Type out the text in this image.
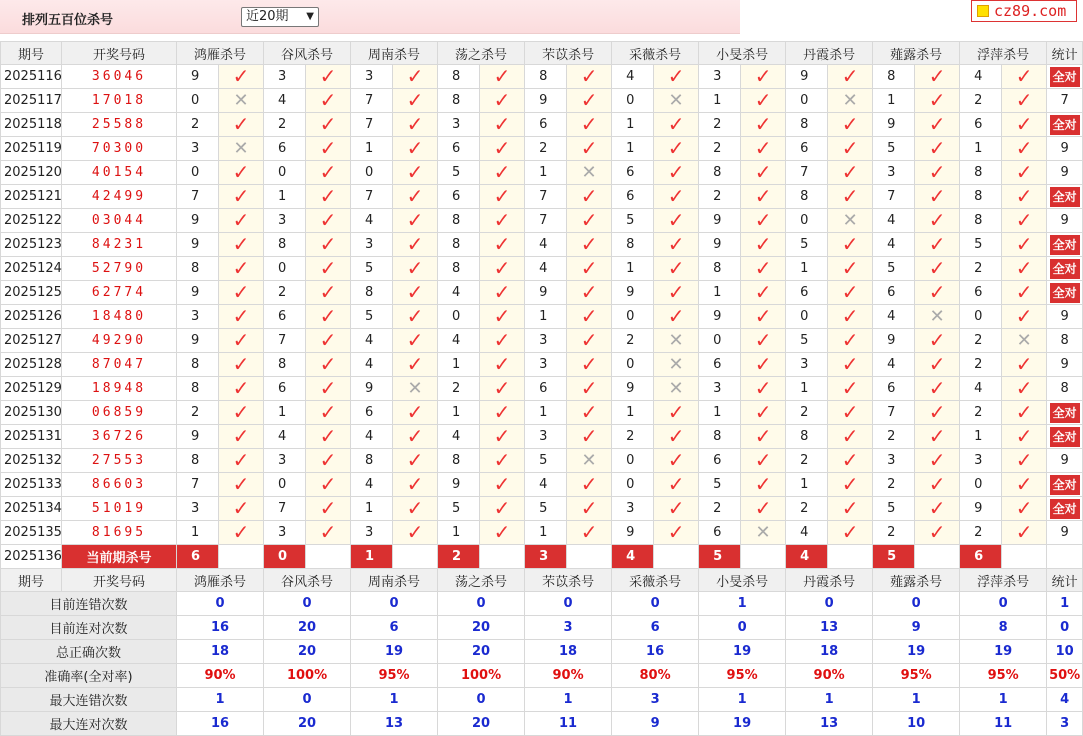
排列五百位杀号	近20期 ▼	cz89.com
期号	开奖号码	鸿雁杀号		谷风杀号		周南杀号		荡之杀号		芣苡杀号		采薇杀号		小旻杀号		丹霞杀号		薤露杀号		浮萍杀号		统计
2025116	36046	9	✓	3	✓	3	✓	8	✓	8	✓	4	✓	3	✓	9	✓	8	✓	4	✓	全对
2025117	17018	0	✕	4	✓	7	✓	8	✓	9	✓	0	✕	1	✓	0	✕	1	✓	2	✓	7
2025118	25588	2	✓	2	✓	7	✓	3	✓	6	✓	1	✓	2	✓	8	✓	9	✓	6	✓	全对
2025119	70300	3	✕	6	✓	1	✓	6	✓	2	✓	1	✓	2	✓	6	✓	5	✓	1	✓	9
2025120	40154	0	✓	0	✓	0	✓	5	✓	1	✕	6	✓	8	✓	7	✓	3	✓	8	✓	9
2025121	42499	7	✓	1	✓	7	✓	6	✓	7	✓	6	✓	2	✓	8	✓	7	✓	8	✓	全对
2025122	03044	9	✓	3	✓	4	✓	8	✓	7	✓	5	✓	9	✓	0	✕	4	✓	8	✓	9
2025123	84231	9	✓	8	✓	3	✓	8	✓	4	✓	8	✓	9	✓	5	✓	4	✓	5	✓	全对
2025124	52790	8	✓	0	✓	5	✓	8	✓	4	✓	1	✓	8	✓	1	✓	5	✓	2	✓	全对
2025125	62774	9	✓	2	✓	8	✓	4	✓	9	✓	9	✓	1	✓	6	✓	6	✓	6	✓	全对
2025126	18480	3	✓	6	✓	5	✓	0	✓	1	✓	0	✓	9	✓	0	✓	4	✕	0	✓	9
2025127	49290	9	✓	7	✓	4	✓	4	✓	3	✓	2	✕	0	✓	5	✓	9	✓	2	✕	8
2025128	87047	8	✓	8	✓	4	✓	1	✓	3	✓	0	✕	6	✓	3	✓	4	✓	2	✓	9
2025129	18948	8	✓	6	✓	9	✕	2	✓	6	✓	9	✕	3	✓	1	✓	6	✓	4	✓	8
2025130	06859	2	✓	1	✓	6	✓	1	✓	1	✓	1	✓	1	✓	2	✓	7	✓	2	✓	全对
2025131	36726	9	✓	4	✓	4	✓	4	✓	3	✓	2	✓	8	✓	8	✓	2	✓	1	✓	全对
2025132	27553	8	✓	3	✓	8	✓	8	✓	5	✕	0	✓	6	✓	2	✓	3	✓	3	✓	9
2025133	86603	7	✓	0	✓	4	✓	9	✓	4	✓	0	✓	5	✓	1	✓	2	✓	0	✓	全对
2025134	51019	3	✓	7	✓	1	✓	5	✓	5	✓	3	✓	2	✓	2	✓	5	✓	9	✓	全对
2025135	81695	1	✓	3	✓	3	✓	1	✓	1	✓	9	✓	6	✕	4	✓	2	✓	2	✓	9
2025136	当前期杀号	6		0		1		2		3		4		5		4		5		6		
期号	开奖号码	鸿雁杀号		谷风杀号		周南杀号		荡之杀号		芣苡杀号		采薇杀号		小旻杀号		丹霞杀号		薤露杀号		浮萍杀号		统计
目前连错次数		0		0		0		0		0		0		1		0		0		0		1
目前连对次数		16		20		6		20		3		6		0		13		9		8		0
总正确次数		18		20		19		20		18		16		19		18		19		19		10
准确率(全对率)		90%		100%		95%		100%		90%		80%		95%		90%		95%		95%		50%
最大连错次数		1		0		1		0		1		3		1		1		1		1		4
最大连对次数		16		20		13		20		11		9		19		13		10		11		3
